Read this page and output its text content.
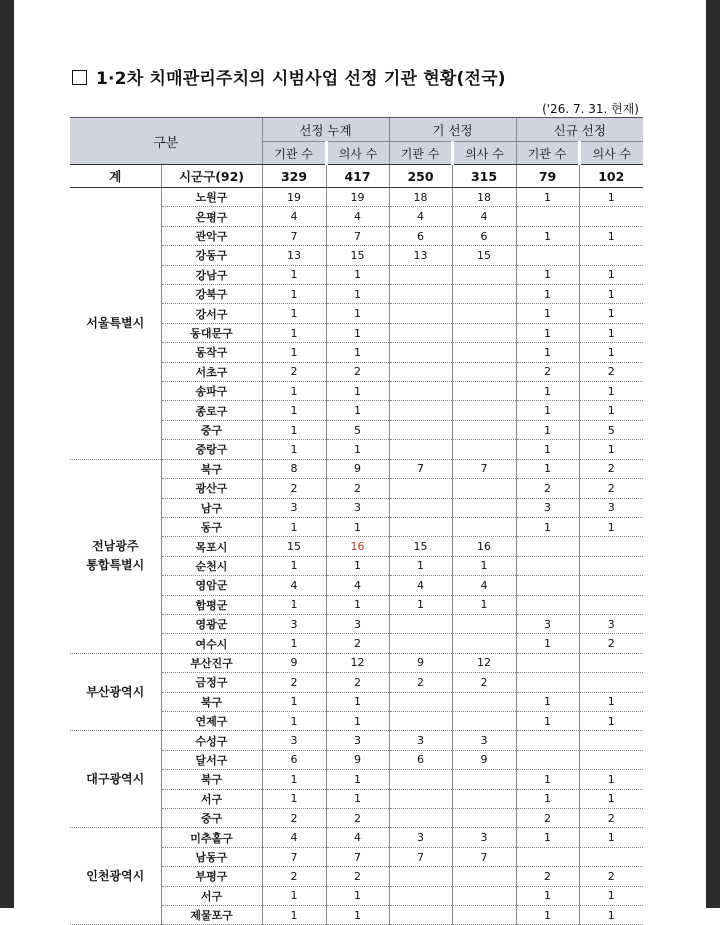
1·2차 치매관리주치의 시범사업 선정 기관 현황(전국)
('26. 7. 31. 현재)
구분		선정 누계		기 선정		신규 선정	
		기관 수	의사 수	기관 수	의사 수	기관 수	의사 수
계	시군구(92)	329	417	250	315	79	102
서울특별시	노원구	19	19	18	18	1	1
	은평구	4	4	4	4		
	관악구	7	7	6	6	1	1
	강동구	13	15	13	15		
	강남구	1	1			1	1
	강북구	1	1			1	1
	강서구	1	1			1	1
	동대문구	1	1			1	1
	동작구	1	1			1	1
	서초구	2	2			2	2
	송파구	1	1			1	1
	종로구	1	1			1	1
	중구	1	5			1	5
	중랑구	1	1			1	1
전남광주
통합특별시	북구	8	9	7	7	1	2
	광산구	2	2			2	2
	남구	3	3			3	3
	동구	1	1			1	1
	목포시	15	16	15	16		
	순천시	1	1	1	1		
	영암군	4	4	4	4		
	함평군	1	1	1	1		
	영광군	3	3			3	3
	여수시	1	2			1	2
부산광역시	부산진구	9	12	9	12		
	금정구	2	2	2	2		
	북구	1	1			1	1
	연제구	1	1			1	1
대구광역시	수성구	3	3	3	3		
	달서구	6	9	6	9		
	북구	1	1			1	1
	서구	1	1			1	1
	중구	2	2			2	2
인천광역시	미추홀구	4	4	3	3	1	1
	남동구	7	7	7	7		
	부평구	2	2			2	2
	서구	1	1			1	1
	제물포구	1	1			1	1
